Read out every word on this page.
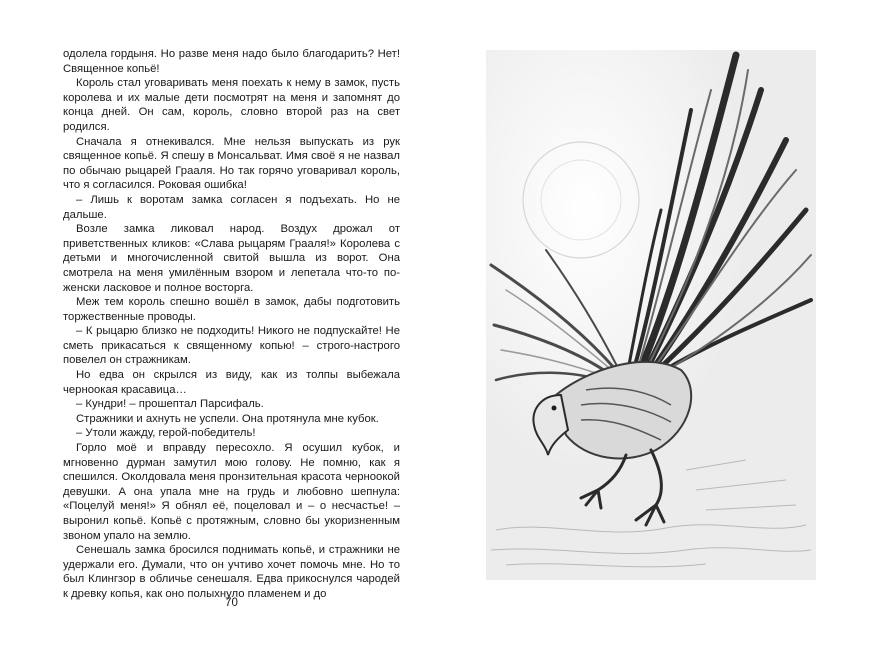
одолела гордыня. Но разве меня надо было благодарить? Нет! Священное копьё!

Король стал уговаривать меня поехать к нему в замок, пусть королева и их малые дети посмотрят на меня и запомнят до конца дней. Он сам, король, словно второй раз на свет родился.

Сначала я отнекивался. Мне нельзя выпускать из рук священное копьё. Я спешу в Монсальват. Имя своё я не назвал по обычаю рыцарей Грааля. Но так горячо уговаривал король, что я согласился. Роковая ошибка!

– Лишь к воротам замка согласен я подъехать. Но не дальше.

Возле замка ликовал народ. Воздух дрожал от приветственных кликов: «Слава рыцарям Грааля!» Королева с детьми и многочисленной свитой вышла из ворот. Она смотрела на меня умилённым взором и лепетала что-то по-женски ласковое и полное восторга.

Меж тем король спешно вошёл в замок, дабы подготовить торжественные проводы.

– К рыцарю близко не подходить! Никого не подпускайте! Не сметь прикасаться к священному копью! – строго-настрого повелел он стражникам.

Но едва он скрылся из виду, как из толпы выбежала черноокая красавица…

– Кундри! – прошептал Парсифаль.

Стражники и ахнуть не успели. Она протянула мне кубок.

– Утоли жажду, герой-победитель!

Горло моё и вправду пересохло. Я осушил кубок, и мгновенно дурман замутил мою голову. Не помню, как я спешился. Околдовала меня пронзительная красота черноокой девушки. А она упала мне на грудь и любовно шепнула: «Поцелуй меня!» Я обнял её, поцеловал и – о несчастье! – выронил копьё. Копьё с протяжным, словно бы укоризненным звоном упало на землю.

Сенешаль замка бросился поднимать копьё, и стражники не удержали его. Думали, что он учтиво хочет помочь мне. Но то был Клингзор в обличье сенешаля. Едва прикоснулся чародей к древку копья, как оно полыхнуло пламенем и до

70
